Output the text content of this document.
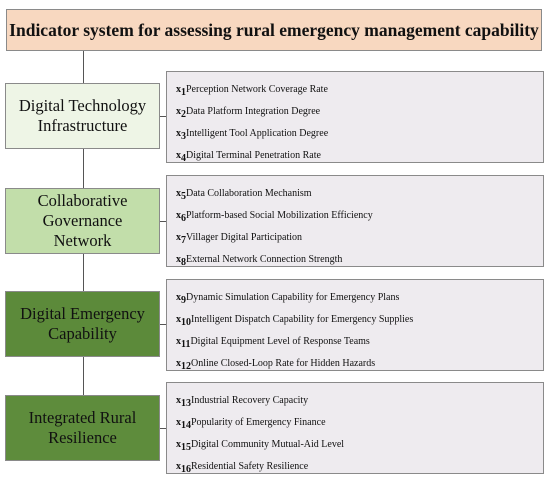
Indicator system for assessing rural emergency management capability
Digital Technology Infrastructure
Collaborative Governance Network
Digital Emergency Capability
Integrated Rural Resilience
$x_1Perception$ Network Coverage Rate
$x_2Data$ Platform Integration Degree
$x_3Intelligent$ Tool Application Degree
$x_4Digital$ Terminal Penetration Rate
$x_5Data$ Collaboration Mechanism
$x_6Platform$-based Social Mobilization Efficiency
$x_7Villager$ Digital Participation
$x_8External$ Network Connection Strength
$x_9Dynamic$ Simulation Capability for Emergency Plans
$x_{10}Intelligent$ Dispatch Capability for Emergency Supplies
$x_{11}Digital$ Equipment Level of Response Teams
$x_{12}Online$ Closed-Loop Rate for Hidden Hazards
$x_{13}Industrial$ Recovery Capacity
$x_{14}Popularity$ of Emergency Finance
$x_{15}Digital$ Community Mutual-Aid Level
$x_{16}Residential$ Safety Resilience
